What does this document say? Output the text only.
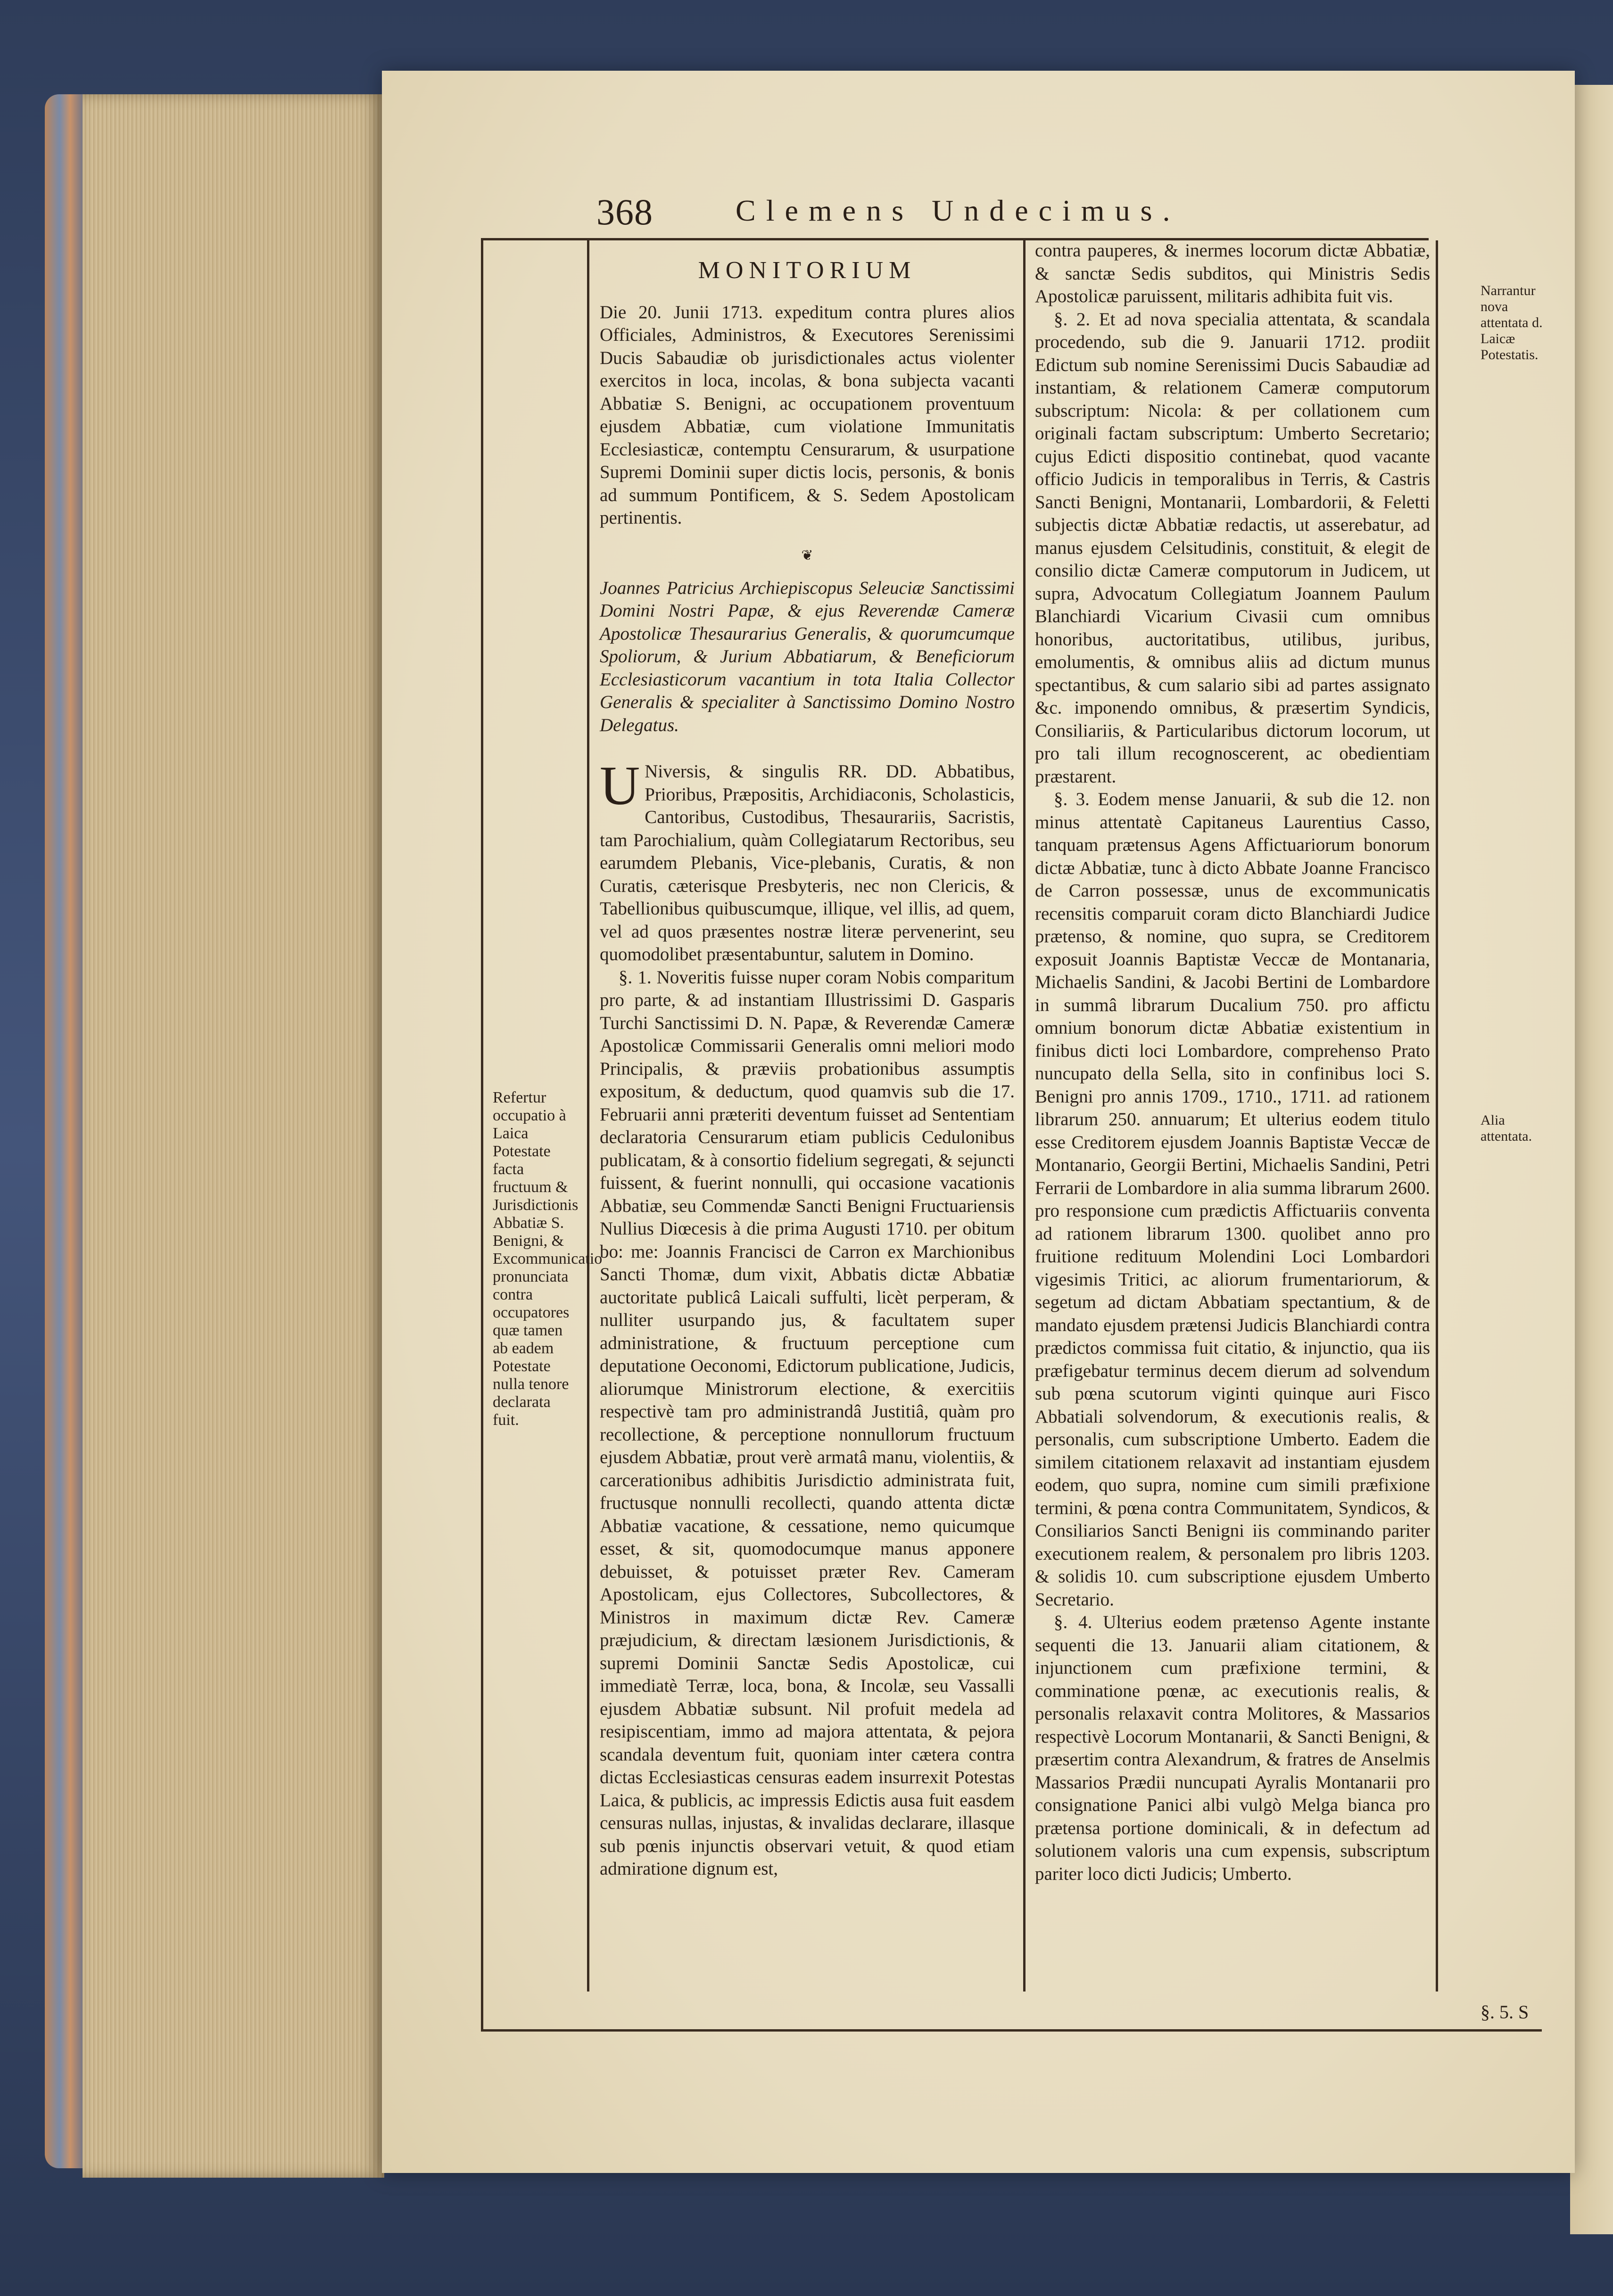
368	Clemens Undecimus.
MONITORIUM
Die 20. Junii 1713. expeditum contra plures alios Officiales, Administros, & Executores Serenissimi Ducis Sabaudiæ ob jurisdictionales actus violenter exercitos in loca, incolas, & bona subjecta vacanti Abbatiæ S. Benigni, ac occupationem proventuum ejusdem Abbatiæ, cum violatione Immunitatis Ecclesiasticæ, contemptu Censurarum, & usurpatione Supremi Dominii super dictis locis, personis, & bonis ad summum Pontificem, & S. Sedem Apostolicam pertinentis.
❦
Joannes Patricius Archiepiscopus Seleuciæ Sanctissimi Domini Nostri Papæ, & ejus Reverendæ Cameræ Apostolicæ Thesaurarius Generalis, & quorumcumque Spoliorum, & Jurium Abbatiarum, & Beneficiorum Ecclesiasticorum vacantium in tota Italia Collector Generalis & specialiter à Sanctissimo Domino Nostro Delegatus.
U Niversis, & singulis RR. DD. Abbatibus, Prioribus, Præpositis, Archidiaconis, Scholasticis, Cantoribus, Custodibus, Thesaurariis, Sacristis, tam Parochialium, quàm Collegiatarum Rectoribus, seu earumdem Plebanis, Vice-plebanis, Curatis, & non Curatis, cæterisque Presbyteris, nec non Clericis, & Tabellionibus quibuscumque, illique, vel illis, ad quem, vel ad quos præsentes nostræ literæ pervenerint, seu quomodolibet præsentabuntur, salutem in Domino.
§. 1. Noveritis fuisse nuper coram Nobis comparitum pro parte, & ad instantiam Illustrissimi D. Gasparis Turchi Sanctissimi D. N. Papæ, & Reverendæ Cameræ Apostolicæ Commissarii Generalis omni meliori modo Principalis, & præviis probationibus assumptis expositum, & deductum, quod quamvis sub die 17. Februarii anni præteriti deventum fuisset ad Sententiam declaratoria Censurarum etiam publicis Cedulonibus publicatam, & à consortio fidelium segregati, & sejuncti fuissent, & fuerint nonnulli, qui occasione vacationis Abbatiæ, seu Commendæ Sancti Benigni Fructuariensis Nullius Diœcesis à die prima Augusti 1710. per obitum bo: me: Joannis Francisci de Carron ex Marchionibus Sancti Thomæ, dum vixit, Abbatis dictæ Abbatiæ auctoritate publicâ Laicali suffulti, licèt perperam, & nulliter usurpando jus, & facultatem super administratione, & fructuum perceptione cum deputatione Oeconomi, Edictorum publicatione, Judicis, aliorumque Ministrorum electione, & exercitiis respectivè tam pro administrandâ Justitiâ, quàm pro recollectione, & perceptione nonnullorum fructuum ejusdem Abbatiæ, prout verè armatâ manu, violentiis, & carcerationibus adhibitis Jurisdictio administrata fuit, fructusque nonnulli recollecti, quando attenta dictæ Abbatiæ vacatione, & cessatione, nemo quicumque esset, & sit, quomodocumque manus apponere debuisset, & potuisset præter Rev. Cameram Apostolicam, ejus Collectores, Subcollectores, & Ministros in maximum dictæ Rev. Cameræ præjudicium, & directam læsionem Jurisdictionis, & supremi Dominii Sanctæ Sedis Apostolicæ, cui immediatè Terræ, loca, bona, & Incolæ, seu Vassalli ejusdem Abbatiæ subsunt. Nil profuit medela ad resipiscentiam, immo ad majora attentata, & pejora scandala deventum fuit, quoniam inter cætera contra dictas Ecclesiasticas censuras eadem insurrexit Potestas Laica, & publicis, ac impressis Edictis ausa fuit easdem censuras nullas, injustas, & invalidas declarare, illasque sub pœnis injunctis observari vetuit, & quod etiam admiratione dignum est,
contra pauperes, & inermes locorum dictæ Abbatiæ, & sanctæ Sedis subditos, qui Ministris Sedis Apostolicæ paruissent, militaris adhibita fuit vis.
§. 2. Et ad nova specialia attentata, & scandala procedendo, sub die 9. Januarii 1712. prodiit Edictum sub nomine Serenissimi Ducis Sabaudiæ ad instantiam, & relationem Cameræ computorum subscriptum: Nicola: & per collationem cum originali factam subscriptum: Umberto Secretario; cujus Edicti dispositio continebat, quod vacante officio Judicis in temporalibus in Terris, & Castris Sancti Benigni, Montanarii, Lombardorii, & Feletti subjectis dictæ Abbatiæ redactis, ut asserebatur, ad manus ejusdem Celsitudinis, constituit, & elegit de consilio dictæ Cameræ computorum in Judicem, ut supra, Advocatum Collegiatum Joannem Paulum Blanchiardi Vicarium Civasii cum omnibus honoribus, auctoritatibus, utilibus, juribus, emolumentis, & omnibus aliis ad dictum munus spectantibus, & cum salario sibi ad partes assignato &c. imponendo omnibus, & præsertim Syndicis, Consiliariis, & Particularibus dictorum locorum, ut pro tali illum recognoscerent, ac obedientiam præstarent.
§. 3. Eodem mense Januarii, & sub die 12. non minus attentatè Capitaneus Laurentius Casso, tanquam prætensus Agens Affictuariorum bonorum dictæ Abbatiæ, tunc à dicto Abbate Joanne Francisco de Carron possessæ, unus de excommunicatis recensitis comparuit coram dicto Blanchiardi Judice prætenso, & nomine, quo supra, se Creditorem exposuit Joannis Baptistæ Veccæ de Montanaria, Michaelis Sandini, & Jacobi Bertini de Lombardore in summâ librarum Ducalium 750. pro affictu omnium bonorum dictæ Abbatiæ existentium in finibus dicti loci Lombardore, comprehenso Prato nuncupato della Sella, sito in confinibus loci S. Benigni pro annis 1709., 1710., 1711. ad rationem librarum 250. annuarum; Et ulterius eodem titulo esse Creditorem ejusdem Joannis Baptistæ Veccæ de Montanario, Georgii Bertini, Michaelis Sandini, Petri Ferrarii de Lombardore in alia summa librarum 2600. pro responsione cum prædictis Affictuariis conventa ad rationem librarum 1300. quolibet anno pro fruitione redituum Molendini Loci Lombardori vigesimis Tritici, ac aliorum frumentariorum, & segetum ad dictam Abbatiam spectantium, & de mandato ejusdem prætensi Judicis Blanchiardi contra prædictos commissa fuit citatio, & injunctio, qua iis præfigebatur terminus decem dierum ad solvendum sub pœna scutorum viginti quinque auri Fisco Abbatiali solvendorum, & executionis realis, & personalis, cum subscriptione Umberto. Eadem die similem citationem relaxavit ad instantiam ejusdem eodem, quo supra, nomine cum simili præfixione termini, & pœna contra Communitatem, Syndicos, & Consiliarios Sancti Benigni iis comminando pariter executionem realem, & personalem pro libris 1203. & solidis 10. cum subscriptione ejusdem Umberto Secretario.
§. 4. Ulterius eodem prætenso Agente instante sequenti die 13. Januarii aliam citationem, & injunctionem cum præfixione termini, & comminatione pœnæ, ac executionis realis, & personalis relaxavit contra Molitores, & Massarios respectivè Locorum Montanarii, & Sancti Benigni, & præsertim contra Alexandrum, & fratres de Anselmis Massarios Prædii nuncupati Ayralis Montanarii pro consignatione Panici albi vulgò Melga bianca pro prætensa portione dominicali, & in defectum ad solutionem valoris una cum expensis, subscriptum pariter loco dicti Judicis; Umberto.
Refertur occupatio à Laica Potestate facta fructuum & Jurisdictionis Abbatiæ S. Benigni, & Excommunicatio pronunciata contra occupatores quæ tamen ab eadem Potestate nulla tenore declarata fuit.
Narrantur nova attentata d. Laicæ Potestatis.
Alia attentata.
§. 5. S
